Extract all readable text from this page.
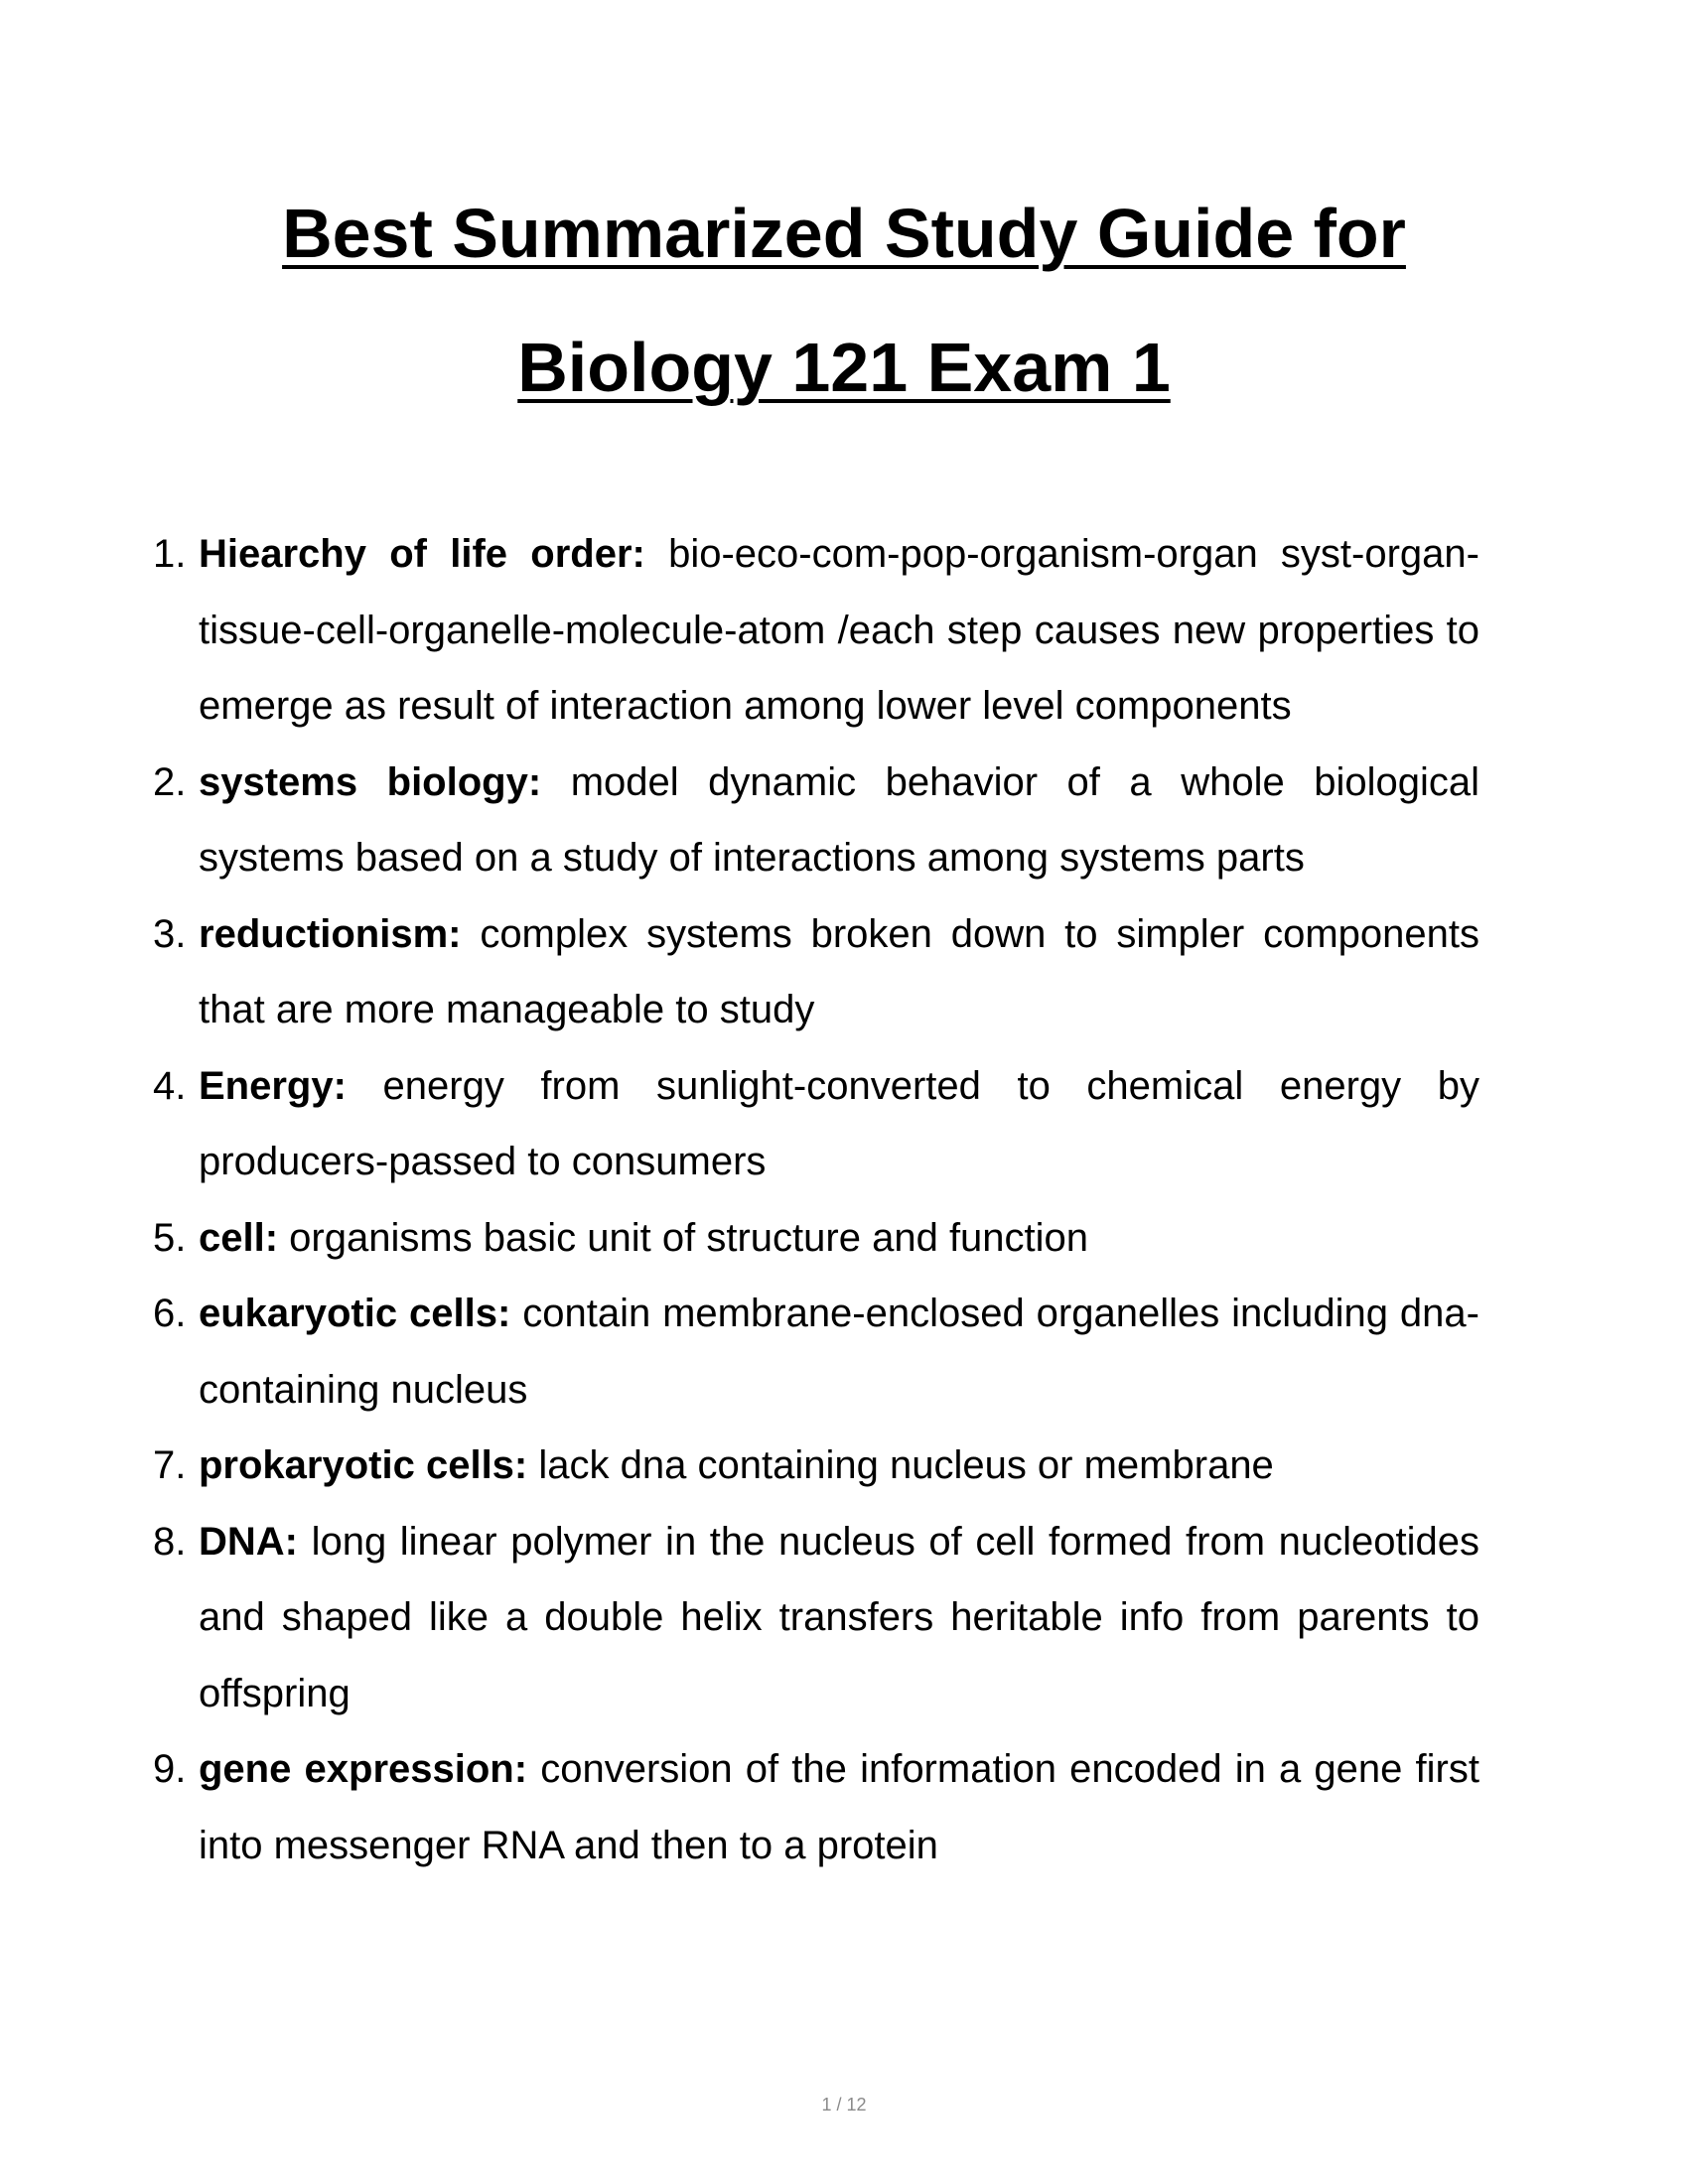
Best Summarized Study Guide for
Biology 121 Exam 1
1. Hiearchy of life order: bio-eco-com-pop-organism-organ syst-organ-tissue-cell-organelle-molecule-atom /each step causes new properties to emerge as result of interaction among lower level components
2. systems biology: model dynamic behavior of a whole biological systems based on a study of interactions among systems parts
3. reductionism: complex systems broken down to simpler components that are more manageable to study
4. Energy: energy from sunlight-converted to chemical energy by producers-passed to consumers
5. cell: organisms basic unit of structure and function
6. eukaryotic cells: contain membrane-enclosed organelles including dna-containing nucleus
7. prokaryotic cells: lack dna containing nucleus or membrane
8. DNA: long linear polymer in the nucleus of cell formed from nucleotides and shaped like a double helix transfers heritable info from parents to offspring
9. gene expression: conversion of the information encoded in a gene first into messenger RNA and then to a protein
1 / 12
